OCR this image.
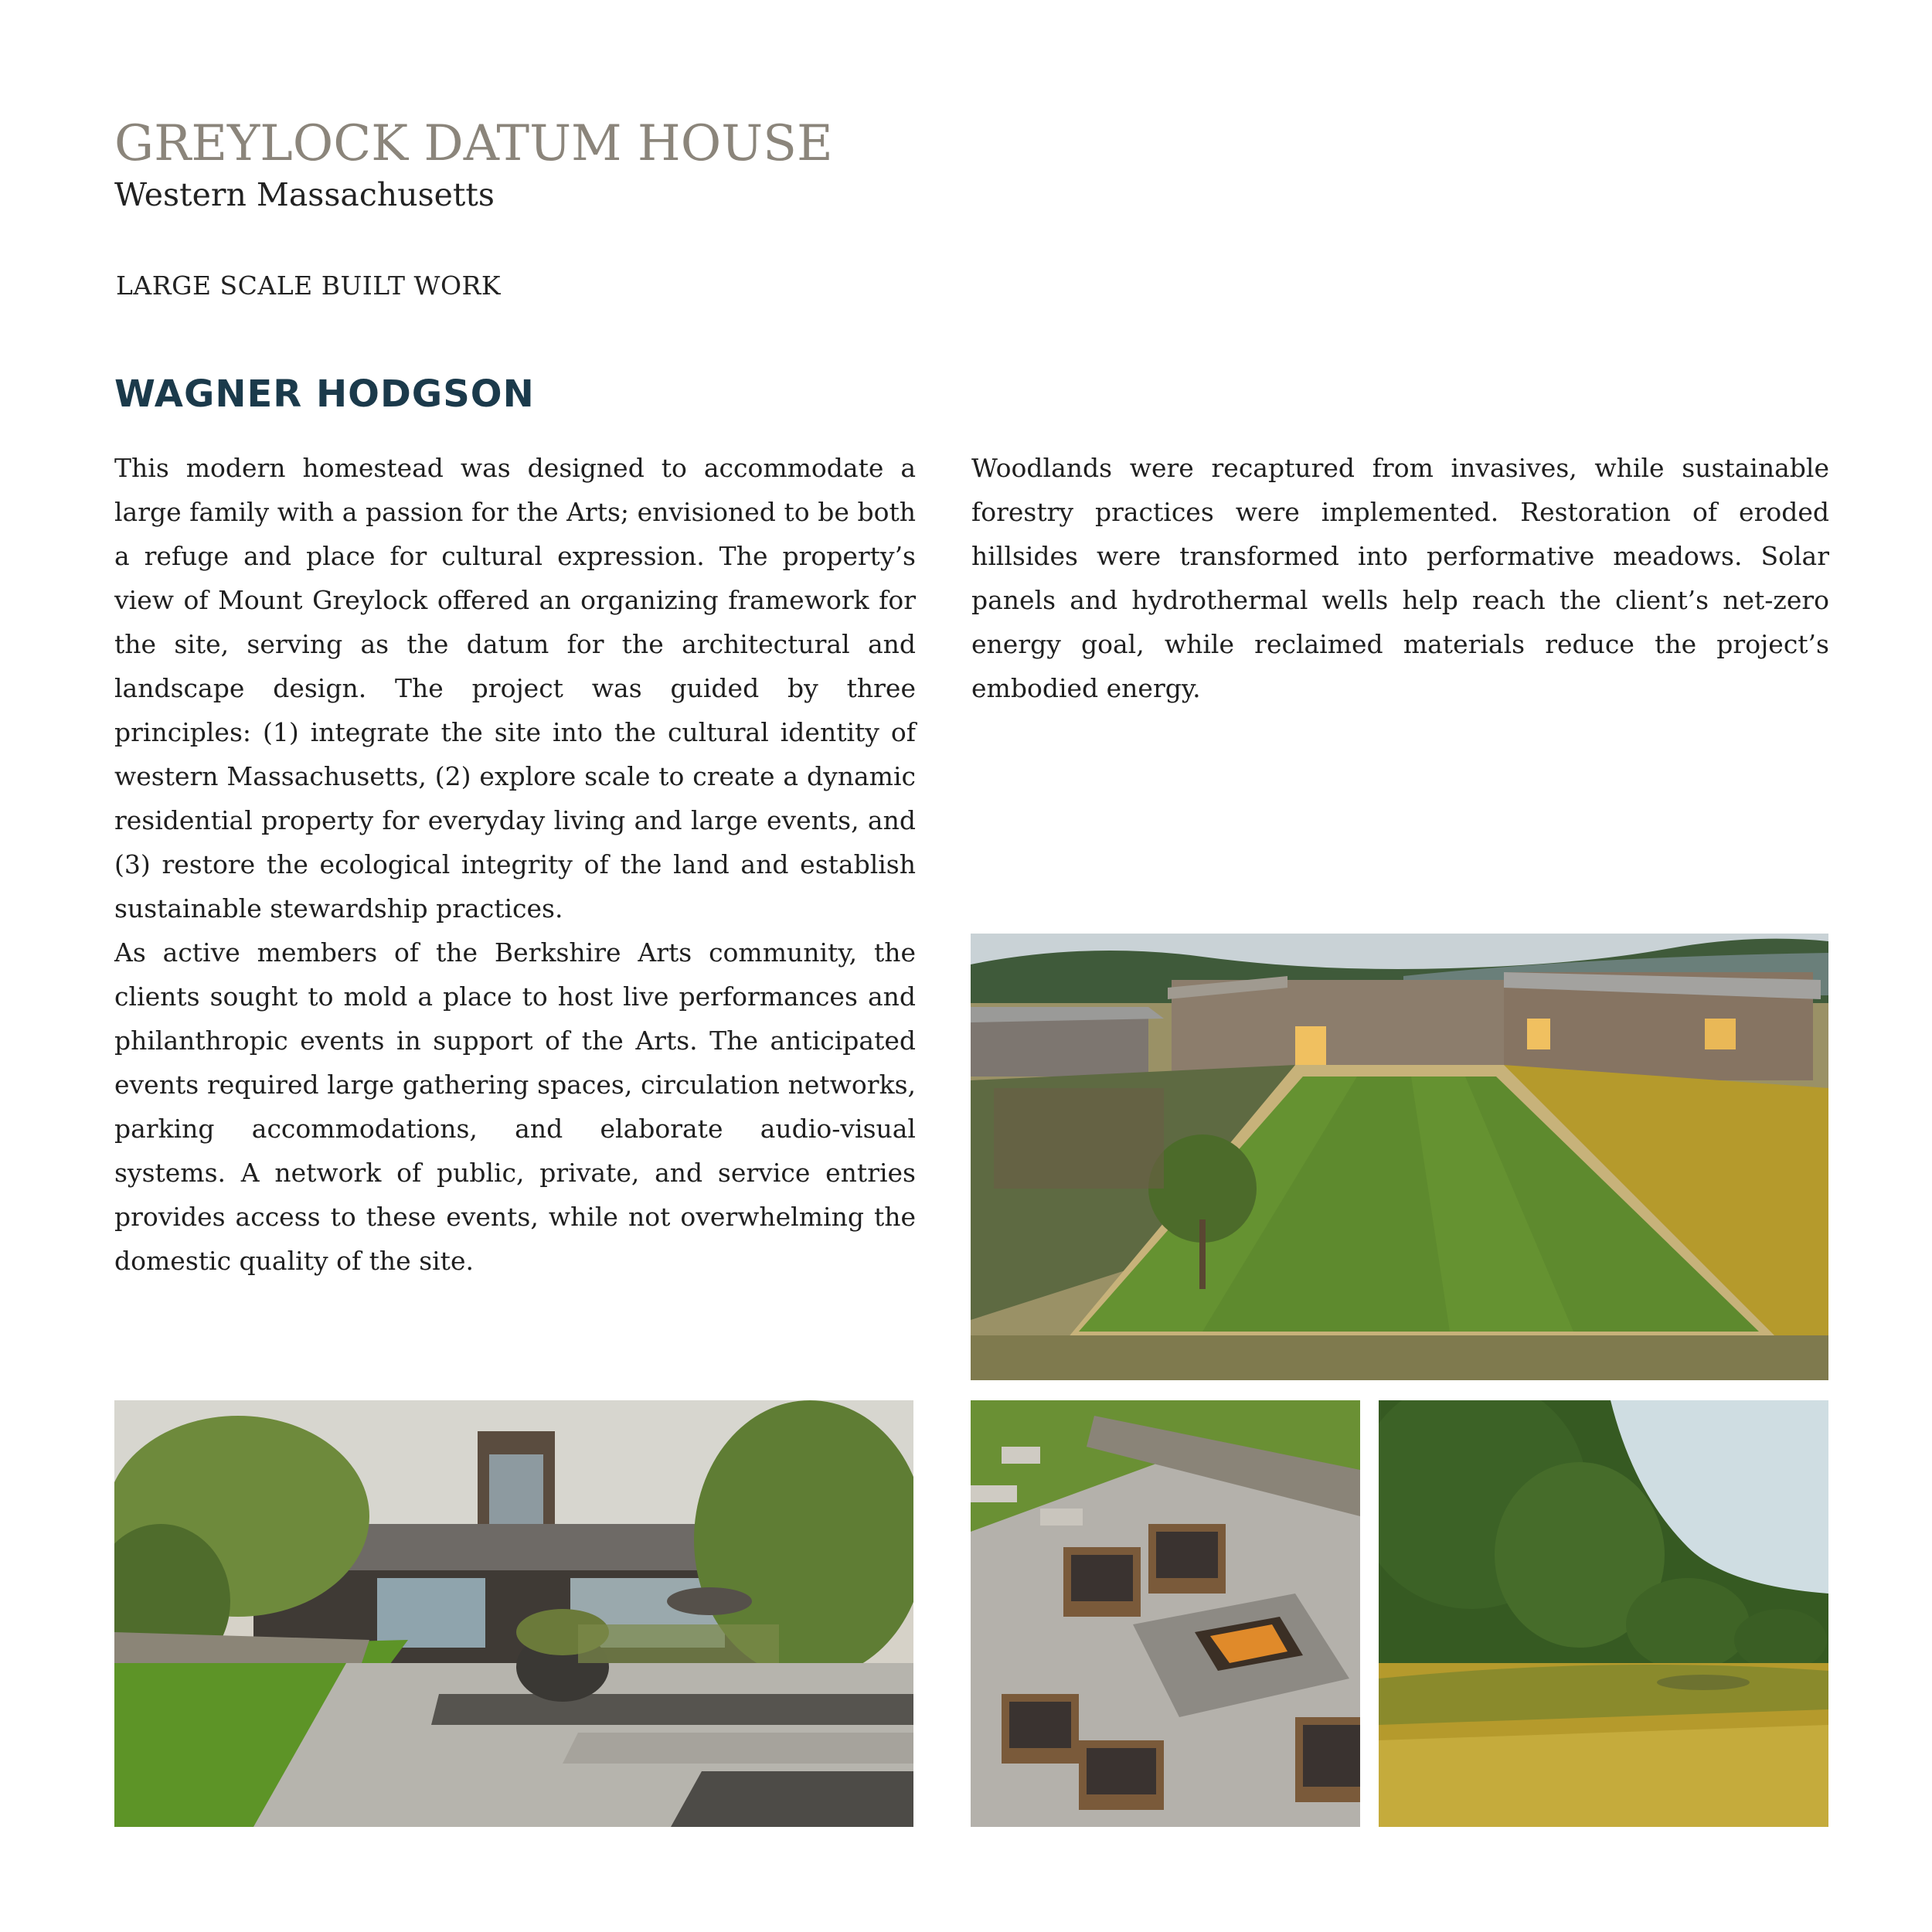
GREYLOCK DATUM HOUSE
Western Massachusetts
LARGE SCALE BUILT WORK
WAGNER HODGSON

This modern homestead was designed to accommodate a large family with a passion for the Arts; envisioned to be both a refuge and place for cultural expression. The property’s view of Mount Greylock offered an organizing framework for the site, serving as the datum for the architectural and landscape design. The project was guided by three principles: (1) integrate the site into the cultural identity of western Massachusetts, (2) explore scale to create a dynamic residential property for everyday living and large events, and (3) restore the ecological integrity of the land and establish sustainable stewardship practices.

As active members of the Berkshire Arts community, the clients sought to mold a place to host live performances and philanthropic events in support of the Arts. The anticipated events required large gathering spaces, circulation networks, parking accommodations, and elaborate audio-visual systems. A network of public, private, and service entries provides access to these events, while not overwhelming the domestic quality of the site.

Woodlands were recaptured from invasives, while sustainable forestry practices were implemented. Restoration of eroded hillsides were transformed into performative meadows. Solar panels and hydrothermal wells help reach the client’s net-zero energy goal, while reclaimed materials reduce the project’s embodied energy.
